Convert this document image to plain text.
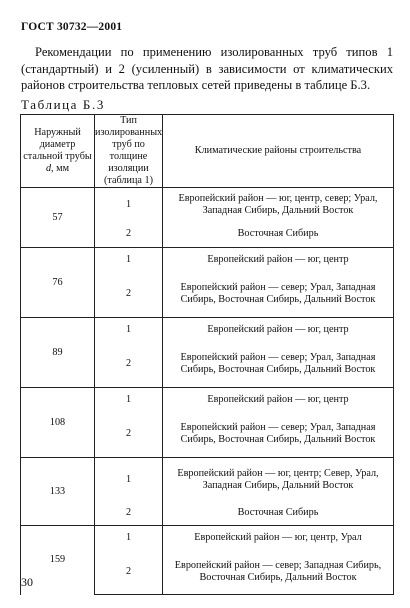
ГОСТ 30732—2001
Рекомендации по применению изолированных труб типов 1 (стандартный) и 2 (усиленный) в зависимости от климатических районов строительства тепловых сетей приведены в таблице Б.3.
Таблица Б.3
Наружный диаметр стальной трубы
d, мм	Тип изолированных труб по толщине изоляции (таблица 1)	Климатические районы строительства
57	1	Европейский район — юг, центр, север; Урал, Западная Сибирь, Дальний Восток
	2	Восточная Сибирь
76	1	Европейский район — юг, центр
	2	Европейский район — север; Урал, Западная Сибирь, Восточная Сибирь, Дальний Восток
89	1	Европейский район — юг, центр
	2	Европейский район — север; Урал, Западная Сибирь, Восточная Сибирь, Дальний Восток
108	1	Европейский район — юг, центр
	2	Европейский район — север; Урал, Западная Сибирь, Восточная Сибирь, Дальний Восток
133	1	Европейский район — юг, центр; Север, Урал, Западная Сибирь, Дальний Восток
	2	Восточная Сибирь
159	1	Европейский район — юг, центр, Урал
	2	Европейский район — север; Западная Сибирь, Восточная Сибирь, Дальний Восток
30
